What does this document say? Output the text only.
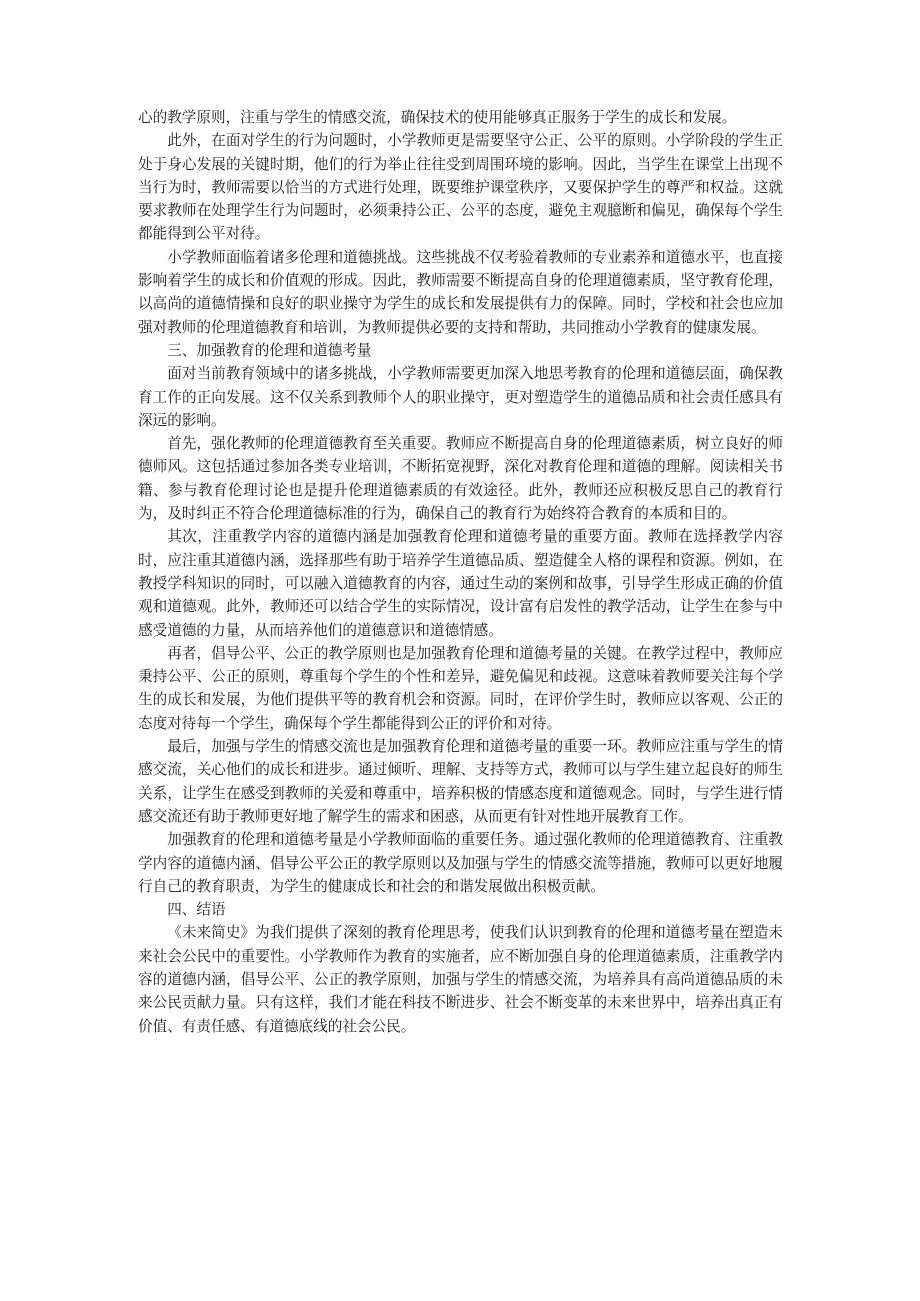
心的教学原则，注重与学生的情感交流，确保技术的使用能够真正服务于学生的成长和发展。

此外，在面对学生的行为问题时，小学教师更是需要坚守公正、公平的原则。小学阶段的学生正处于身心发展的关键时期，他们的行为举止往往受到周围环境的影响。因此，当学生在课堂上出现不当行为时，教师需要以恰当的方式进行处理，既要维护课堂秩序，又要保护学生的尊严和权益。这就要求教师在处理学生行为问题时，必须秉持公正、公平的态度，避免主观臆断和偏见，确保每个学生都能得到公平对待。

小学教师面临着诸多伦理和道德挑战。这些挑战不仅考验着教师的专业素养和道德水平，也直接影响着学生的成长和价值观的形成。因此，教师需要不断提高自身的伦理道德素质，坚守教育伦理，以高尚的道德情操和良好的职业操守为学生的成长和发展提供有力的保障。同时，学校和社会也应加强对教师的伦理道德教育和培训，为教师提供必要的支持和帮助，共同推动小学教育的健康发展。

三、加强教育的伦理和道德考量

面对当前教育领域中的诸多挑战，小学教师需要更加深入地思考教育的伦理和道德层面，确保教育工作的正向发展。这不仅关系到教师个人的职业操守，更对塑造学生的道德品质和社会责任感具有深远的影响。

首先，强化教师的伦理道德教育至关重要。教师应不断提高自身的伦理道德素质，树立良好的师德师风。这包括通过参加各类专业培训，不断拓宽视野，深化对教育伦理和道德的理解。阅读相关书籍、参与教育伦理讨论也是提升伦理道德素质的有效途径。此外，教师还应积极反思自己的教育行为，及时纠正不符合伦理道德标准的行为，确保自己的教育行为始终符合教育的本质和目的。

其次，注重教学内容的道德内涵是加强教育伦理和道德考量的重要方面。教师在选择教学内容时，应注重其道德内涵，选择那些有助于培养学生道德品质、塑造健全人格的课程和资源。例如，在教授学科知识的同时，可以融入道德教育的内容，通过生动的案例和故事，引导学生形成正确的价值观和道德观。此外，教师还可以结合学生的实际情况，设计富有启发性的教学活动，让学生在参与中感受道德的力量，从而培养他们的道德意识和道德情感。

再者，倡导公平、公正的教学原则也是加强教育伦理和道德考量的关键。在教学过程中，教师应秉持公平、公正的原则，尊重每个学生的个性和差异，避免偏见和歧视。这意味着教师要关注每个学生的成长和发展，为他们提供平等的教育机会和资源。同时，在评价学生时，教师应以客观、公正的态度对待每一个学生，确保每个学生都能得到公正的评价和对待。

最后，加强与学生的情感交流也是加强教育伦理和道德考量的重要一环。教师应注重与学生的情感交流，关心他们的成长和进步。通过倾听、理解、支持等方式，教师可以与学生建立起良好的师生关系，让学生在感受到教师的关爱和尊重中，培养积极的情感态度和道德观念。同时，与学生进行情感交流还有助于教师更好地了解学生的需求和困惑，从而更有针对性地开展教育工作。

加强教育的伦理和道德考量是小学教师面临的重要任务。通过强化教师的伦理道德教育、注重教学内容的道德内涵、倡导公平公正的教学原则以及加强与学生的情感交流等措施，教师可以更好地履行自己的教育职责，为学生的健康成长和社会的和谐发展做出积极贡献。

四、结语

《未来简史》为我们提供了深刻的教育伦理思考，使我们认识到教育的伦理和道德考量在塑造未来社会公民中的重要性。小学教师作为教育的实施者，应不断加强自身的伦理道德素质，注重教学内容的道德内涵，倡导公平、公正的教学原则，加强与学生的情感交流，为培养具有高尚道德品质的未来公民贡献力量。只有这样，我们才能在科技不断进步、社会不断变革的未来世界中，培养出真正有价值、有责任感、有道德底线的社会公民。
